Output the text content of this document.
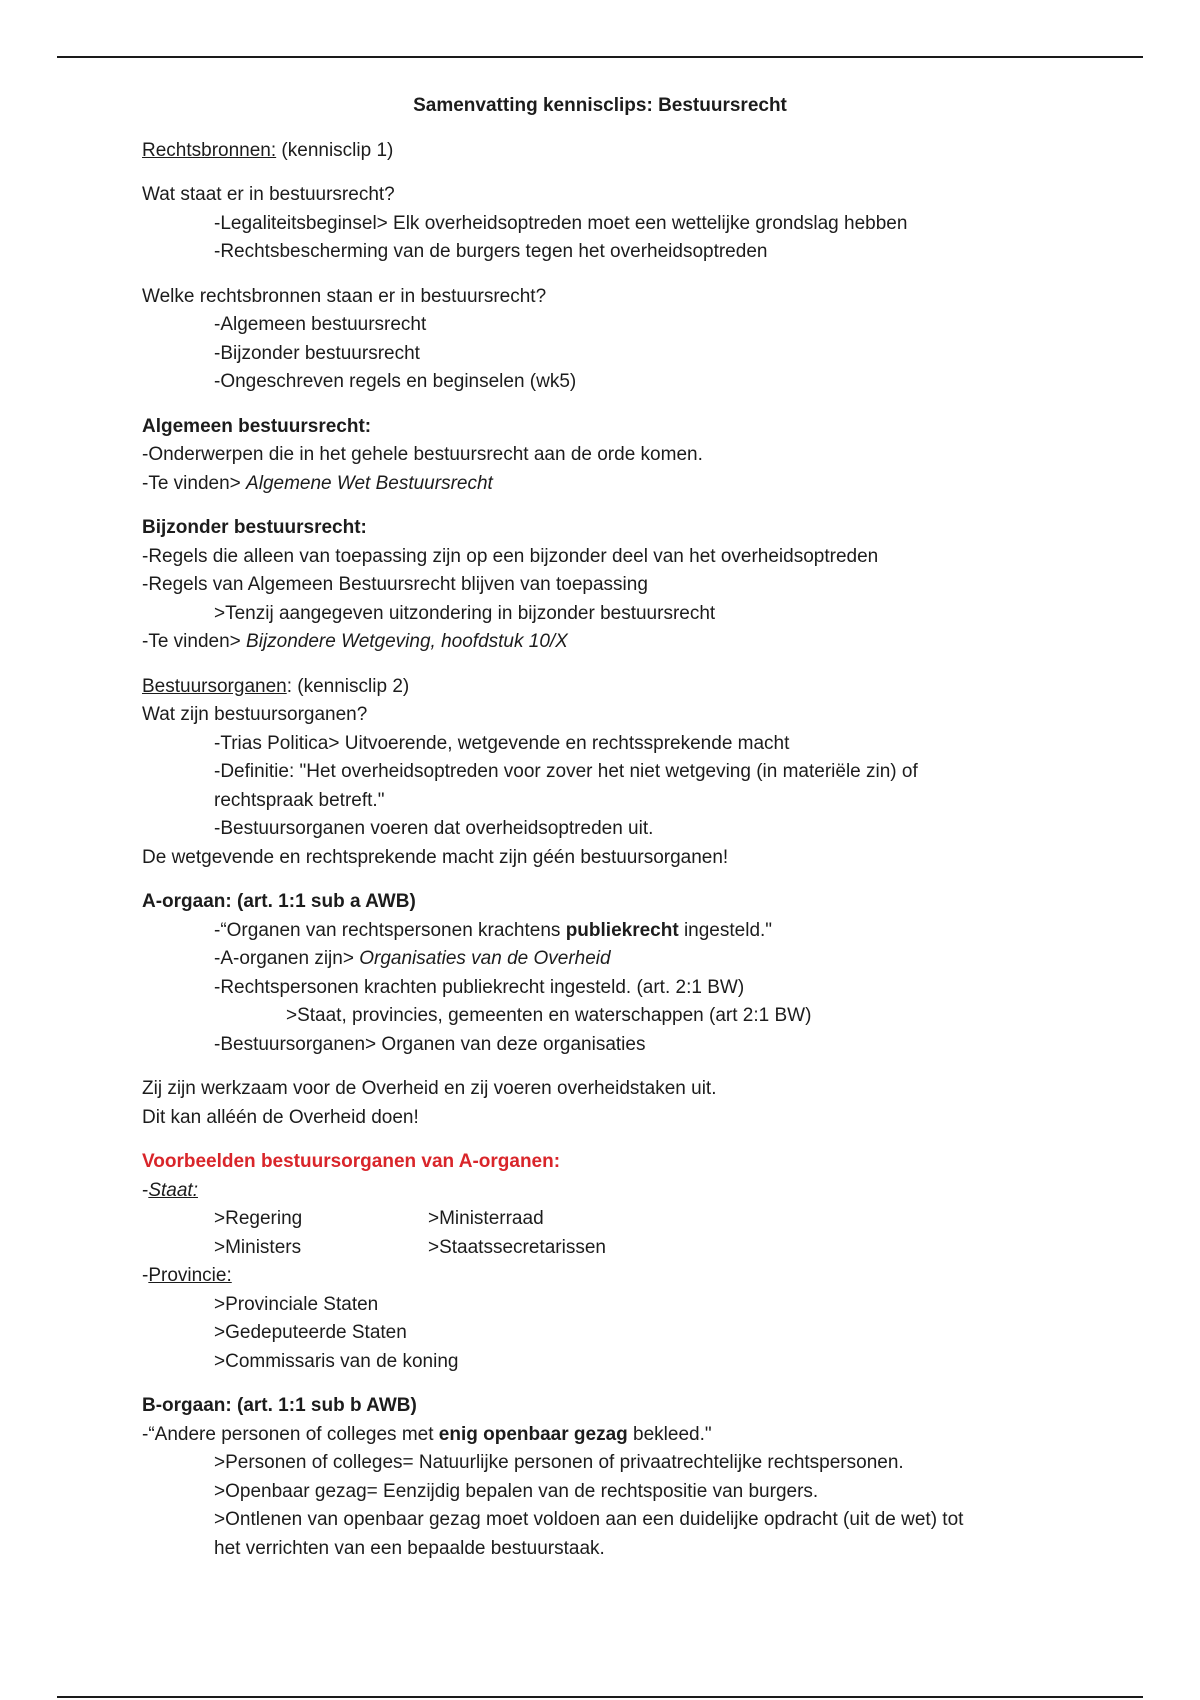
Samenvatting kennisclips: Bestuursrecht
Rechtsbronnen: (kennisclip 1)
Wat staat er in bestuursrecht?
-Legaliteitsbeginsel> Elk overheidsoptreden moet een wettelijke grondslag hebben
-Rechtsbescherming van de burgers tegen het overheidsoptreden
Welke rechtsbronnen staan er in bestuursrecht?
-Algemeen bestuursrecht
-Bijzonder bestuursrecht
-Ongeschreven regels en beginselen (wk5)
Algemeen bestuursrecht:
-Onderwerpen die in het gehele bestuursrecht aan de orde komen.
-Te vinden> Algemene Wet Bestuursrecht
Bijzonder bestuursrecht:
-Regels die alleen van toepassing zijn op een bijzonder deel van het overheidsoptreden
-Regels van Algemeen Bestuursrecht blijven van toepassing
>Tenzij aangegeven uitzondering in bijzonder bestuursrecht
-Te vinden> Bijzondere Wetgeving, hoofdstuk 10/X
Bestuursorganen: (kennisclip 2)
Wat zijn bestuursorganen?
-Trias Politica> Uitvoerende, wetgevende en rechtssprekende macht
-Definitie: "Het overheidsoptreden voor zover het niet wetgeving (in materiële zin) of
rechtspraak betreft."
-Bestuursorganen voeren dat overheidsoptreden uit.
De wetgevende en rechtsprekende macht zijn géén bestuursorganen!
A-orgaan: (art. 1:1 sub a AWB)
-“Organen van rechtspersonen krachtens publiekrecht ingesteld."
-A-organen zijn> Organisaties van de Overheid
-Rechtspersonen krachten publiekrecht ingesteld. (art. 2:1 BW)
>Staat, provincies, gemeenten en waterschappen (art 2:1 BW)
-Bestuursorganen> Organen van deze organisaties
Zij zijn werkzaam voor de Overheid en zij voeren overheidstaken uit.
Dit kan alléén de Overheid doen!
Voorbeelden bestuursorganen van A-organen:
-Staat:
>Regering	>Ministerraad
>Ministers	>Staatssecretarissen
-Provincie:
>Provinciale Staten
>Gedeputeerde Staten
>Commissaris van de koning
B-orgaan: (art. 1:1 sub b AWB)
-“Andere personen of colleges met enig openbaar gezag bekleed."
>Personen of colleges= Natuurlijke personen of privaatrechtelijke rechtspersonen.
>Openbaar gezag= Eenzijdig bepalen van de rechtspositie van burgers.
>Ontlenen van openbaar gezag moet voldoen aan een duidelijke opdracht (uit de wet) tot
het verrichten van een bepaalde bestuurstaak.
